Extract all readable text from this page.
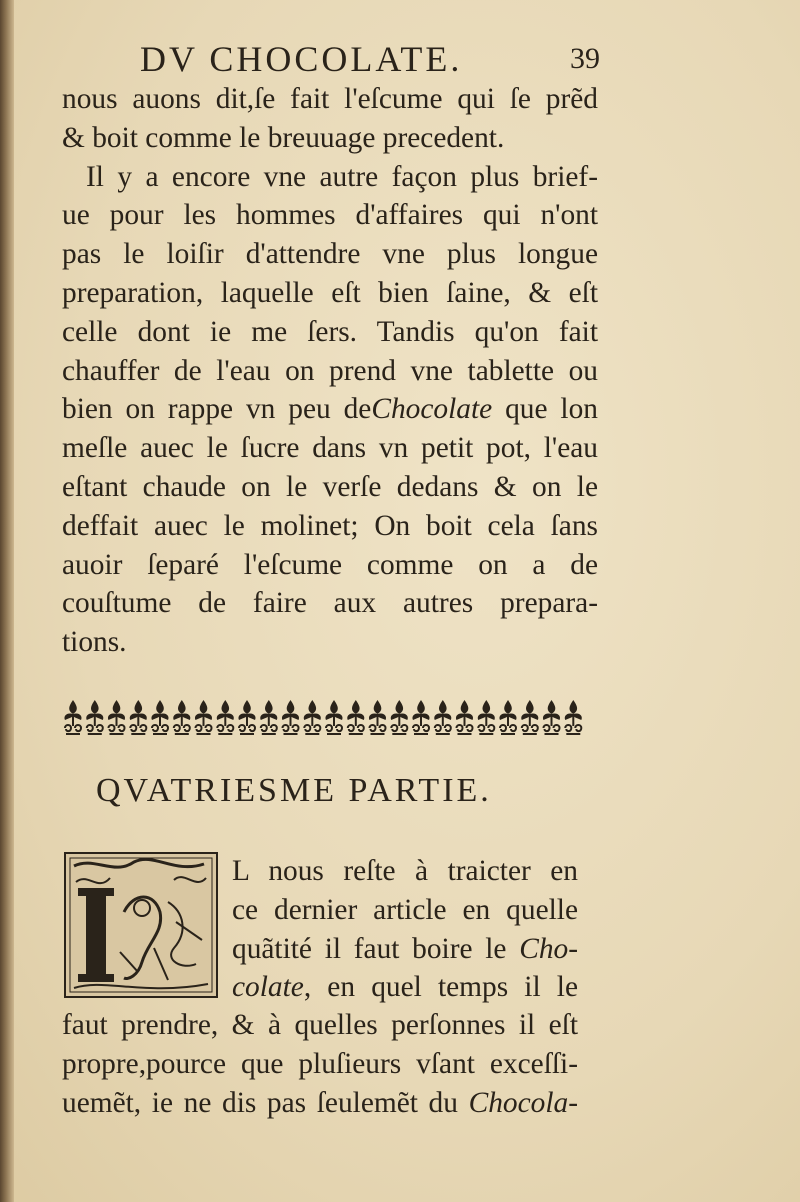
DV CHOCOLATE.	39
nous auons dit,ſe fait l'eſcume qui ſe prẽd
& boit comme le breuuage precedent.
Il y a encore vne autre façon plus brief-
ue pour les hommes d'affaires qui n'ont
pas le loiſir d'attendre vne plus longue
preparation, laquelle eſt bien ſaine, & eſt
celle dont ie me ſers. Tandis qu'on fait
chauffer de l'eau on prend vne tablette ou
bien on rappe vn peu deChocolate que lon
meſle auec le ſucre dans vn petit pot, l'eau
eſtant chaude on le verſe dedans & on le
deffait auec le molinet; On boit cela ſans
auoir ſeparé l'eſcume comme on a de
couſtume de faire aux autres prepara-
tions.
QVATRIESME PARTIE.
L nous reſte à traicter en
ce dernier article en quelle
quãtité il faut boire le Cho-
colate, en quel temps il le
faut prendre, & à quelles perſonnes il eſt
propre,pource que pluſieurs vſant exceſſi-
uemẽt, ie ne dis pas ſeulemẽt du Chocola-
